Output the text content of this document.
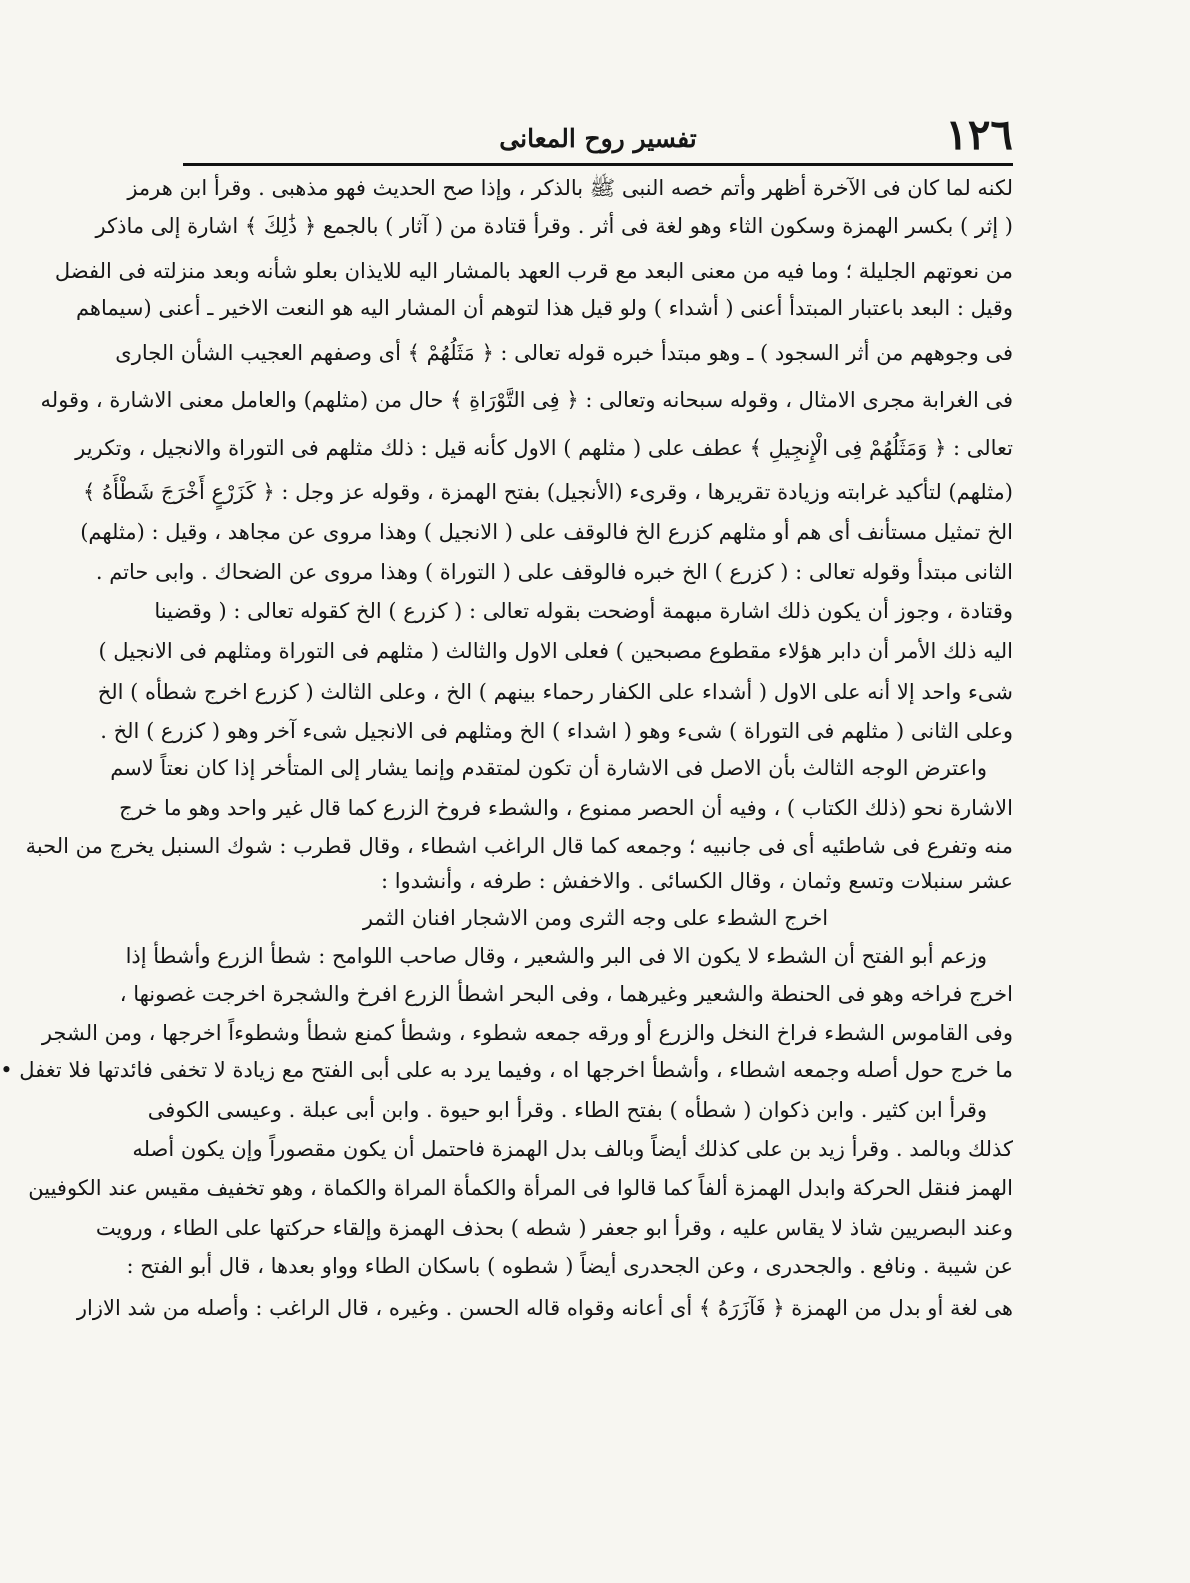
١٢٦
تفسير روح المعانى
لكنه لما كان فى الآخرة أظهر وأتم خصه النبى ﷺ بالذكر ، وإذا صح الحديث فهو مذهبى . وقرأ ابن هرمز
( إثر ) بكسر الهمزة وسكون الثاء وهو لغة فى أثر . وقرأ قتادة من ( آثار ) بالجمع ﴿ ذَٰلِكَ ﴾ اشارة إلى ماذكر
من نعوتهم الجليلة ؛ وما فيه من معنى البعد مع قرب العهد بالمشار اليه للايذان بعلو شأنه وبعد منزلته فى الفضل
وقيل : البعد باعتبار المبتدأ أعنى ( أشداء ) ولو قيل هذا لتوهم أن المشار اليه هو النعت الاخير ـ أعنى (سيماهم
فى وجوههم من أثر السجود ) ـ وهو مبتدأ خبره قوله تعالى : ﴿ مَثَلُهُمْ ﴾ أى وصفهم العجيب الشأن الجارى
فى الغرابة مجرى الامثال ، وقوله سبحانه وتعالى : ﴿ فِى التَّوْرَاةِ ﴾ حال من (مثلهم) والعامل معنى الاشارة ، وقوله
تعالى : ﴿ وَمَثَلُهُمْ فِى الْإِنجِيلِ ﴾ عطف على ( مثلهم ) الاول كأنه قيل : ذلك مثلهم فى التوراة والانجيل ، وتكرير
(مثلهم) لتأكيد غرابته وزيادة تقريرها ، وقرىء (الأنجيل) بفتح الهمزة ، وقوله عز وجل : ﴿ كَزَرْعٍ أَخْرَجَ شَطْأَهُ ﴾
الخ تمثيل مستأنف أى هم أو مثلهم كزرع الخ فالوقف على ( الانجيل ) وهذا مروى عن مجاهد ، وقيل : (مثلهم)
الثانى مبتدأ وقوله تعالى : ( كزرع ) الخ خبره فالوقف على ( التوراة ) وهذا مروى عن الضحاك . وابى حاتم .
وقتادة ، وجوز أن يكون ذلك اشارة مبهمة أوضحت بقوله تعالى : ( كزرع ) الخ كقوله تعالى : ( وقضينا
اليه ذلك الأمر أن دابر هؤلاء مقطوع مصبحين ) فعلى الاول والثالث ( مثلهم فى التوراة ومثلهم فى الانجيل )
شىء واحد إلا أنه على الاول ( أشداء على الكفار رحماء بينهم ) الخ ، وعلى الثالث ( كزرع اخرج شطأه ) الخ
وعلى الثانى ( مثلهم فى التوراة ) شىء وهو ( اشداء ) الخ ومثلهم فى الانجيل شىء آخر وهو ( كزرع ) الخ .
واعترض الوجه الثالث بأن الاصل فى الاشارة أن تكون لمتقدم وإنما يشار إلى المتأخر إذا كان نعتاً لاسم
الاشارة نحو (ذلك الكتاب ) ، وفيه أن الحصر ممنوع ، والشطء فروخ الزرع كما قال غير واحد وهو ما خرج
منه وتفرع فى شاطئيه أى فى جانبيه ؛ وجمعه كما قال الراغب اشطاء ، وقال قطرب : شوك السنبل يخرج من الحبة
عشر سنبلات وتسع وثمان ، وقال الكسائى . والاخفش : طرفه ، وأنشدوا :
اخرج الشطء على وجه الثرى ومن الاشجار افنان الثمر
وزعم أبو الفتح أن الشطء لا يكون الا فى البر والشعير ، وقال صاحب اللوامح : شطأ الزرع وأشطأ إذا
اخرج فراخه وهو فى الحنطة والشعير وغيرهما ، وفى البحر اشطأ الزرع افرخ والشجرة اخرجت غصونها ،
وفى القاموس الشطء فراخ النخل والزرع أو ورقه جمعه شطوء ، وشطأ كمنع شطأ وشطوءاً اخرجها ، ومن الشجر
ما خرج حول أصله وجمعه اشطاء ، وأشطأ اخرجها اه ، وفيما يرد به على أبى الفتح مع زيادة لا تخفى فائدتها فلا تغفل •
وقرأ ابن كثير . وابن ذكوان ( شطأه ) بفتح الطاء . وقرأ ابو حيوة . وابن أبى عبلة . وعيسى الكوفى
كذلك وبالمد . وقرأ زيد بن على كذلك أيضاً وبالف بدل الهمزة فاحتمل أن يكون مقصوراً وإن يكون أصله
الهمز فنقل الحركة وابدل الهمزة ألفاً كما قالوا فى المرأة والكمأة المراة والكماة ، وهو تخفيف مقيس عند الكوفيين
وعند البصريين شاذ لا يقاس عليه ، وقرأ ابو جعفر ( شطه ) بحذف الهمزة وإلقاء حركتها على الطاء ، ورويت
عن شيبة . ونافع . والجحدرى ، وعن الجحدرى أيضاً ( شطوه ) باسكان الطاء وواو بعدها ، قال أبو الفتح :
هى لغة أو بدل من الهمزة ﴿ فَآزَرَهُ ﴾ أى أعانه وقواه قاله الحسن . وغيره ، قال الراغب : وأصله من شد الازار
